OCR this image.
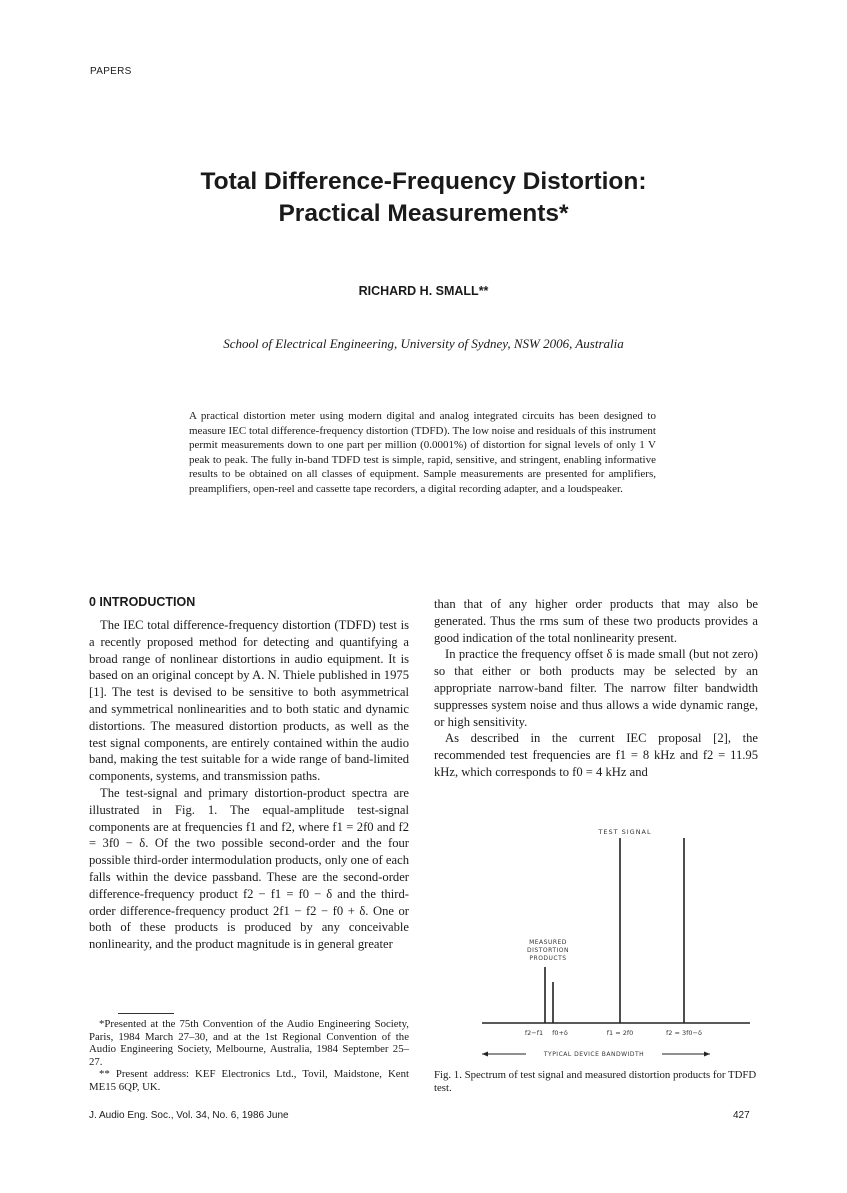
PAPERS
Total Difference-Frequency Distortion:
Practical Measurements*
RICHARD H. SMALL**
School of Electrical Engineering, University of Sydney, NSW 2006, Australia
A practical distortion meter using modern digital and analog integrated circuits has been designed to measure IEC total difference-frequency distortion (TDFD). The low noise and residuals of this instrument permit measurements down to one part per million (0.0001%) of distortion for signal levels of only 1 V peak to peak. The fully in-band TDFD test is simple, rapid, sensitive, and stringent, enabling informative results to be obtained on all classes of equipment. Sample measurements are presented for amplifiers, preamplifiers, open-reel and cassette tape recorders, a digital recording adapter, and a loudspeaker.
0 INTRODUCTION

The IEC total difference-frequency distortion (TDFD) test is a recently proposed method for detecting and quantifying a broad range of nonlinear distortions in audio equipment. It is based on an original concept by A. N. Thiele published in 1975 [1]. The test is devised to be sensitive to both asymmetrical and symmetrical nonlinearities and to both static and dynamic distortions. The measured distortion products, as well as the test signal components, are entirely contained within the audio band, making the test suitable for a wide range of band-limited components, systems, and transmission paths.

The test-signal and primary distortion-product spectra are illustrated in Fig. 1. The equal-amplitude test-signal components are at frequencies f1 and f2, where f1 = 2f0 and f2 = 3f0 − δ. Of the two possible second-order and the four possible third-order intermodulation products, only one of each falls within the device passband. These are the second-order difference-frequency product f2 − f1 = f0 − δ and the third-order difference-frequency product 2f1 − f2 − f0 + δ. One or both of these products is produced by any conceivable nonlinearity, and the product magnitude is in general greater

than that of any higher order products that may also be generated. Thus the rms sum of these two products provides a good indication of the total nonlinearity present.

In practice the frequency offset δ is made small (but not zero) so that either or both products may be selected by an appropriate narrow-band filter. The narrow filter bandwidth suppresses system noise and thus allows a wide dynamic range, or high sensitivity.

As described in the current IEC proposal [2], the recommended test frequencies are f1 = 8 kHz and f2 = 11.95 kHz, which corresponds to f0 = 4 kHz and

*Presented at the 75th Convention of the Audio Engineering Society, Paris, 1984 March 27–30, and at the 1st Regional Convention of the Audio Engineering Society, Melbourne, Australia, 1984 September 25–27.

** Present address: KEF Electronics Ltd., Tovil, Maidstone, Kent ME15 6QP, UK.

TEST SIGNAL
MEASURED
DISTORTION
PRODUCTS
f2−f1 f0+δ	f1 = 2f0	f2 = 3f0−δ
TYPICAL DEVICE BANDWIDTH
Fig. 1. Spectrum of test signal and measured distortion products for TDFD test.
J. Audio Eng. Soc., Vol. 34, No. 6, 1986 June	427
